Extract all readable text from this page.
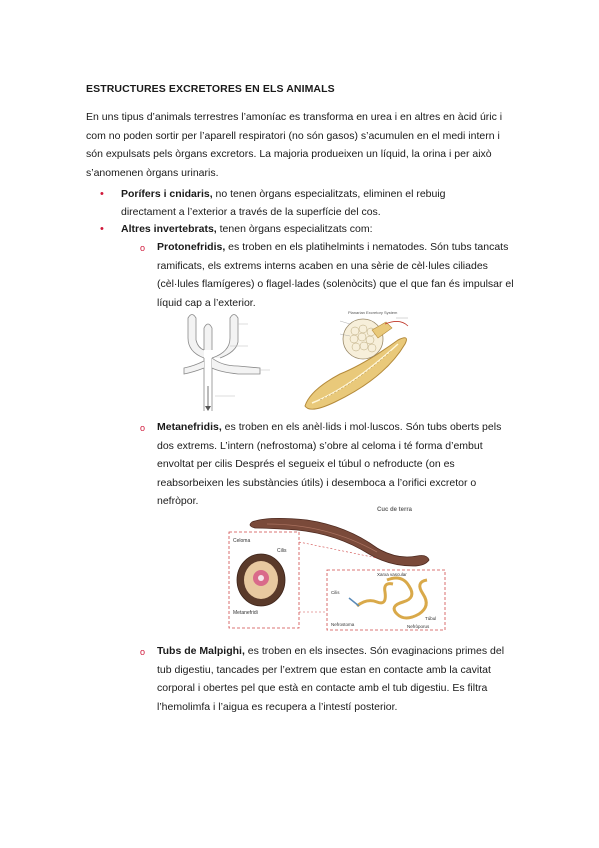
ESTRUCTURES EXCRETORES EN ELS ANIMALS

En uns tipus d’animals terrestres l’amoníac es transforma en urea i en altres en àcid úric i com no poden sortir per l’aparell respiratori (no són gasos) s’acumulen en el medi intern i són expulsats pels òrgans excretors. La majoria produeixen un líquid, la orina i per això s’anomenen òrgans urinaris.

• Porífers i cnidaris, no tenen òrgans especialitzats, eliminen el rebuig directament a l’exterior a través de la superfície del cos.

• Altres invertebrats, tenen òrgans especialitzats com:

o Protonefridis, es troben en els platihelmints i nematodes. Són tubs tancats ramificats, els extrems interns acaben en una sèrie de cèl·lules ciliades (cèl·lules flamígeres) o flagel·lades (solenòcits) que el que fan és impulsar el líquid cap a l’exterior.

Planarian Excretory System
o Metanefridis, es troben en els anèl·lids i mol·luscos. Són tubs oberts pels dos extrems. L’intern (nefrostoma) s’obre al celoma i té forma d’embut envoltat per cilis Després el segueix el túbul o nefroducte (on es reabsorbeixen les substàncies útils) i desemboca a l’orifici excretor o nefròpor.

Cuc de terra
Celoma
Cilis
Metanefridi
Cilis
Xarxa vascular
Túbul
Nefrostoma	Nefròporus
o Tubs de Malpighi, es troben en els insectes. Són evaginacions primes del tub digestiu, tancades per l’extrem que estan en contacte amb la cavitat corporal i obertes pel que està en contacte amb el tub digestiu. Es filtra l’hemolimfa i l’aigua es recupera a l’intestí posterior.
